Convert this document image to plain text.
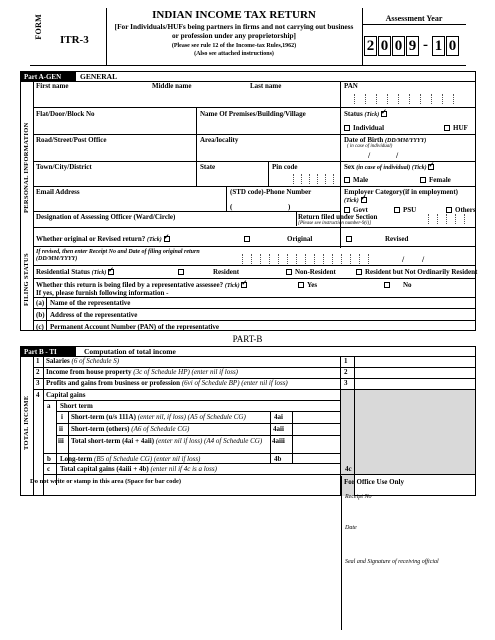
FORM
ITR-3
INDIAN INCOME TAX RETURN
[For Individuals/HUFs being partners in firms and not carrying out business or profession under any proprietorship]
(Please see rule 12 of the Income-tax Rules,1962)
(Also see attached instructions)
Assessment Year
2 0 0 9 - 1 0
Part A-GEN	GENERAL
PERSONAL INFORMATION
FILING STATUS
First name	Middle name	Last name	PAN
Flat/Door/Block No	Name Of Premises/Building/Village	Status (Tick) ✓
Individual	HUF
Road/Street/Post Office	Area/locality	Date of Birth (DD/MM/YYYY)
( in case of individual)
/	/
Town/City/District	State	Pin code	Sex (in case of individual) (Tick) ✓
Male	Female
Email Address	(STD code)-Phone Number
(	)
Employer Category(if in employment) (Tick) ✓
Govt	PSU	Others
Designation of Assessing Officer (Ward/Circle)	Return filed under Section
[Please see instruction number-9(i)]
Whether original or Revised return? (Tick) ✓	Original	Revised
If revised, then enter Receipt No and Date of filing original return (DD/MM/YYYY)	/ /
Residential Status (Tick) ✓	Resident	Non-Resident	Resident but Not Ordinarily Resident
Whether this return is being filed by a representative assessee? (Tick) ✓	Yes	No
If yes, please furnish following information -
(a) Name of the representative
(b) Address of the representative
(c) Permanent Account Number (PAN) of the representative
PART-B
Part B - TI	Computation of total income
TOTAL INCOME
1 Salaries (6 of Schedule S)	1
2 Income from house property (3c of Schedule HP) (enter nil if loss)	2
3 Profits and gains from business or profession (6vi of Schedule BP) (enter nil if loss)	3
4 Capital gains
a Short term
i Short-term (u/s 111A) (enter nil, if loss) (A5 of Schedule CG)	4ai
ii Short-term (others) (A6 of Schedule CG)	4aii
iii Total short-term (4ai + 4aii) (enter nil if loss) (A4 of Schedule CG)	4aiii
b Long-term (B5 of Schedule CG) (enter nil if loss)	4b
c Total capital gains (4aiii + 4b) (enter nil if 4c is a loss)	4c
Do not write or stamp in this area (Space for bar code)	For Office Use Only
Receipt No
Date
Seal and Signature of receiving official
